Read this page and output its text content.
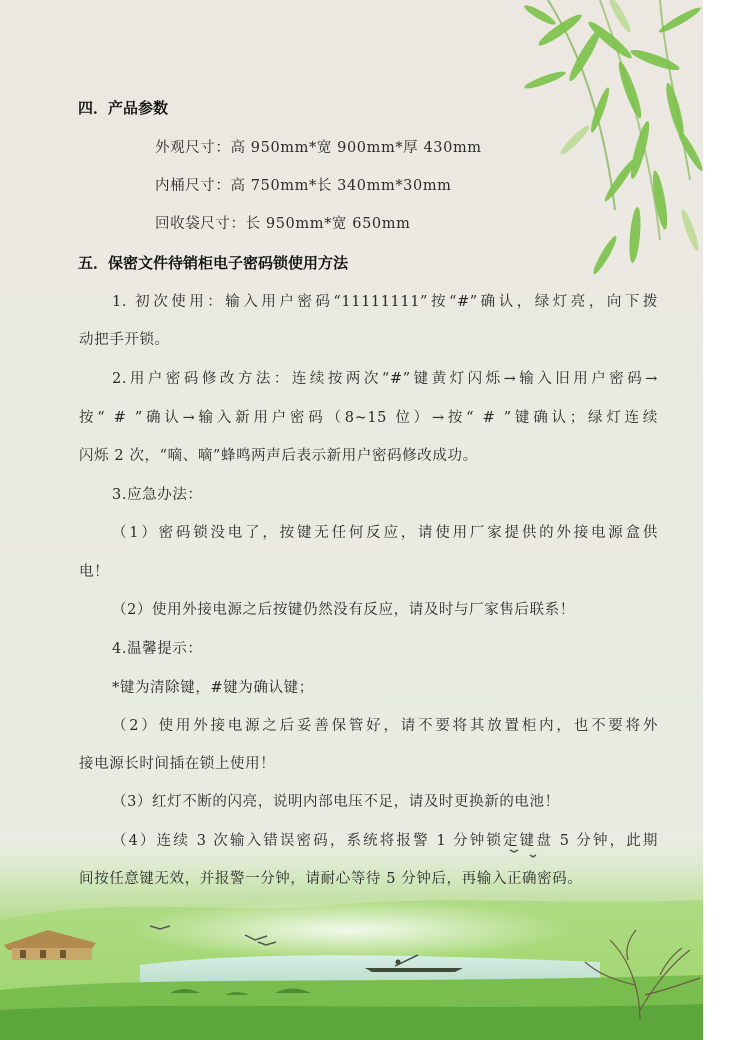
四．产品参数
外观尺寸：高 950mm*宽 900mm*厚 430mm
内桶尺寸：高 750mm*长 340mm*30mm
回收袋尺寸：长 950mm*宽 650mm
五．保密文件待销柜电子密码锁使用方法
1. 初次使用：输入用户密码“11111111”按“#”确认，绿灯亮，向下拨
动把手开锁。
2.用户密码修改方法：连续按两次“#”键黄灯闪烁→输入旧用户密码→
按“ # ”确认→输入新用户密码（8~15 位）→按“ # ”键确认；绿灯连续
闪烁 2 次，“嘀、嘀”蜂鸣两声后表示新用户密码修改成功。
3.应急办法：
（1）密码锁没电了，按键无任何反应，请使用厂家提供的外接电源盒供
电！
（2）使用外接电源之后按键仍然没有反应，请及时与厂家售后联系！
4.温馨提示：
*键为清除键，#键为确认键；
（2）使用外接电源之后妥善保管好，请不要将其放置柜内，也不要将外
接电源长时间插在锁上使用！
（3）红灯不断的闪亮，说明内部电压不足，请及时更换新的电池！
（4）连续 3 次输入错误密码，系统将报警 1 分钟锁定键盘 5 分钟，此期
间按任意键无效，并报警一分钟，请耐心等待 5 分钟后，再输入正确密码。
